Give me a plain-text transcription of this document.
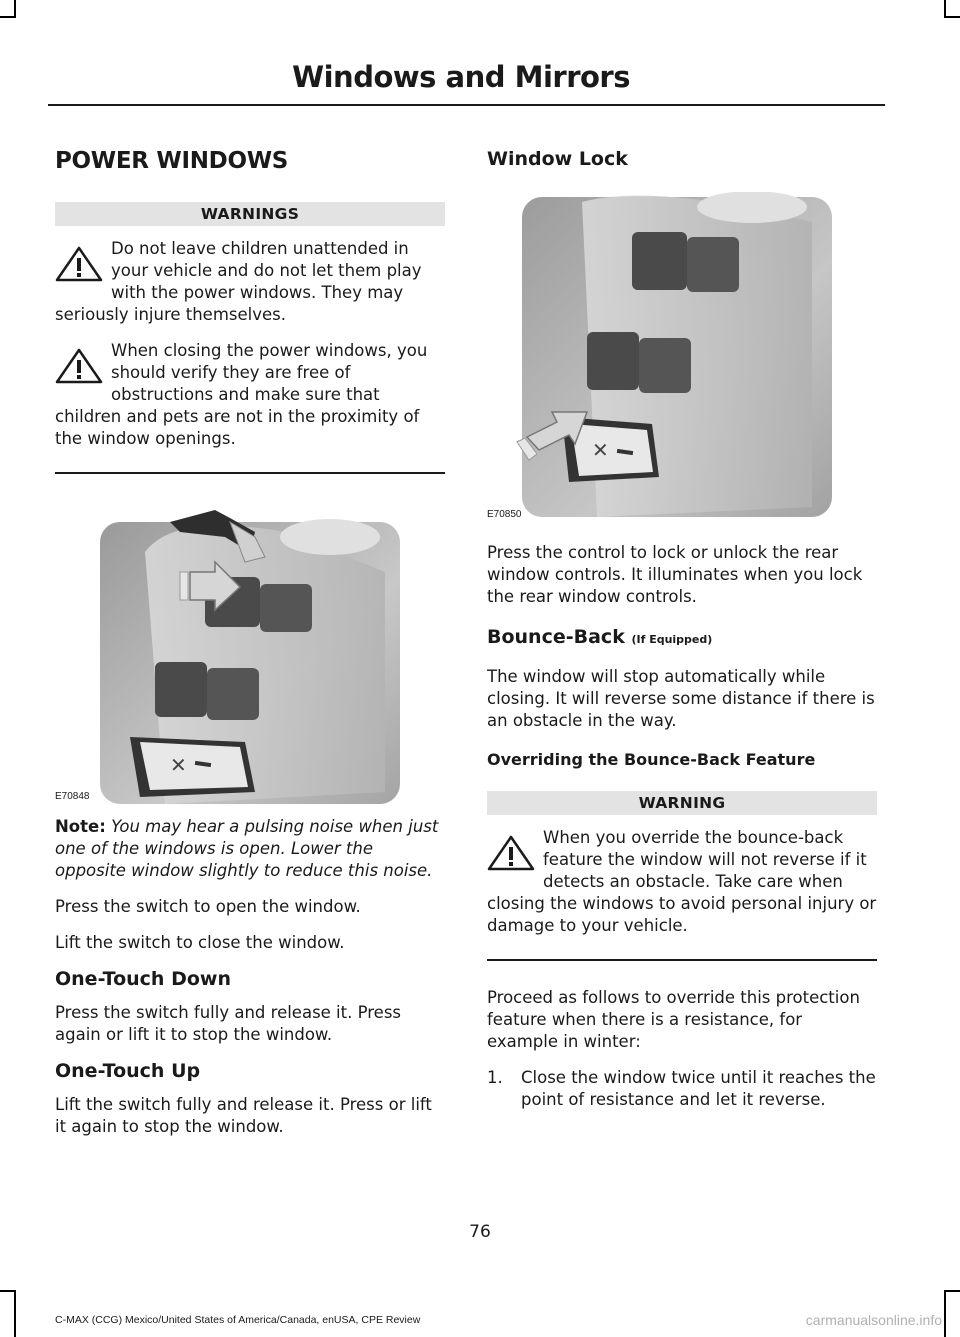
Windows and Mirrors
POWER WINDOWS
WARNINGS
Do not leave children unattended in your vehicle and do not let them play with the power windows. They may seriously injure themselves.
When closing the power windows, you should verify they are free of obstructions and make sure that children and pets are not in the proximity of the window openings.
✕
E70848

Note: You may hear a pulsing noise when just one of the windows is open. Lower the opposite window slightly to reduce this noise.

Press the switch to open the window.

Lift the switch to close the window.

One-Touch Down

Press the switch fully and release it. Press again or lift it to stop the window.

One-Touch Up

Lift the switch fully and release it. Press or lift it again to stop the window.

Window Lock
✕
E70850

Press the control to lock or unlock the rear window controls. It illuminates when you lock the rear window controls.

Bounce-Back (If Equipped)

The window will stop automatically while closing. It will reverse some distance if there is an obstacle in the way.

Overriding the Bounce-Back Feature
WARNING
When you override the bounce-back feature the window will not reverse if it detects an obstacle. Take care when closing the windows to avoid personal injury or damage to your vehicle.

Proceed as follows to override this protection feature when there is a resistance, for example in winter:

1. Close the window twice until it reaches the point of resistance and let it reverse.
76
C-MAX (CCG) Mexico/United States of America/Canada, enUSA, CPE Review	carmanualsonline.info
